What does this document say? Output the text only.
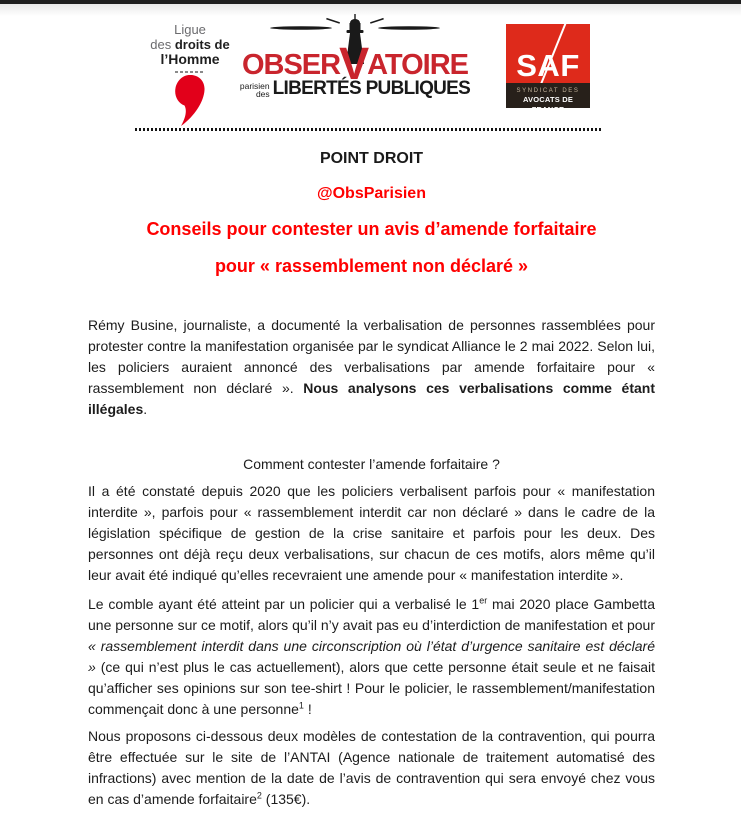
Ligue
des droits de
l’Homme OBSERVATOIRE
parisien
des LIBERTÉS PUBLIQUES
SAF
SYNDICAT DES
AVOCATS DE FRANCE
POINT DROIT
@ObsParisien
Conseils pour contester un avis d’amende forfaitaire
pour « rassemblement non déclaré »

Rémy Busine, journaliste, a documenté la verbalisation de personnes rassemblées pour protester contre la manifestation organisée par le syndicat Alliance le 2 mai 2022. Selon lui, les policiers auraient annoncé des verbalisations par amende forfaitaire pour « rassemblement non déclaré ». Nous analysons ces verbalisations comme étant illégales.

Comment contester l’amende forfaitaire ?

Il a été constaté depuis 2020 que les policiers verbalisent parfois pour « manifestation interdite », parfois pour « rassemblement interdit car non déclaré » dans le cadre de la législation spécifique de gestion de la crise sanitaire et parfois pour les deux. Des personnes ont déjà reçu deux verbalisations, sur chacun de ces motifs, alors même qu’il leur avait été indiqué qu’elles recevraient une amende pour « manifestation interdite ».

Le comble ayant été atteint par un policier qui a verbalisé le 1er mai 2020 place Gambetta une personne sur ce motif, alors qu’il n’y avait pas eu d’interdiction de manifestation et pour « rassemblement interdit dans une circonscription où l’état d’urgence sanitaire est déclaré » (ce qui n’est plus le cas actuellement), alors que cette personne était seule et ne faisait qu’afficher ses opinions sur son tee-shirt ! Pour le policier, le rassemblement/manifestation commençait donc à une personne$^1$ !

Nous proposons ci-dessous deux modèles de contestation de la contravention, qui pourra être effectuée sur le site de l’ANTAI (Agence nationale de traitement automatisé des infractions) avec mention de la date de l’avis de contravention qui sera envoyé chez vous en cas d’amende forfaitaire$^2$ (135€).
